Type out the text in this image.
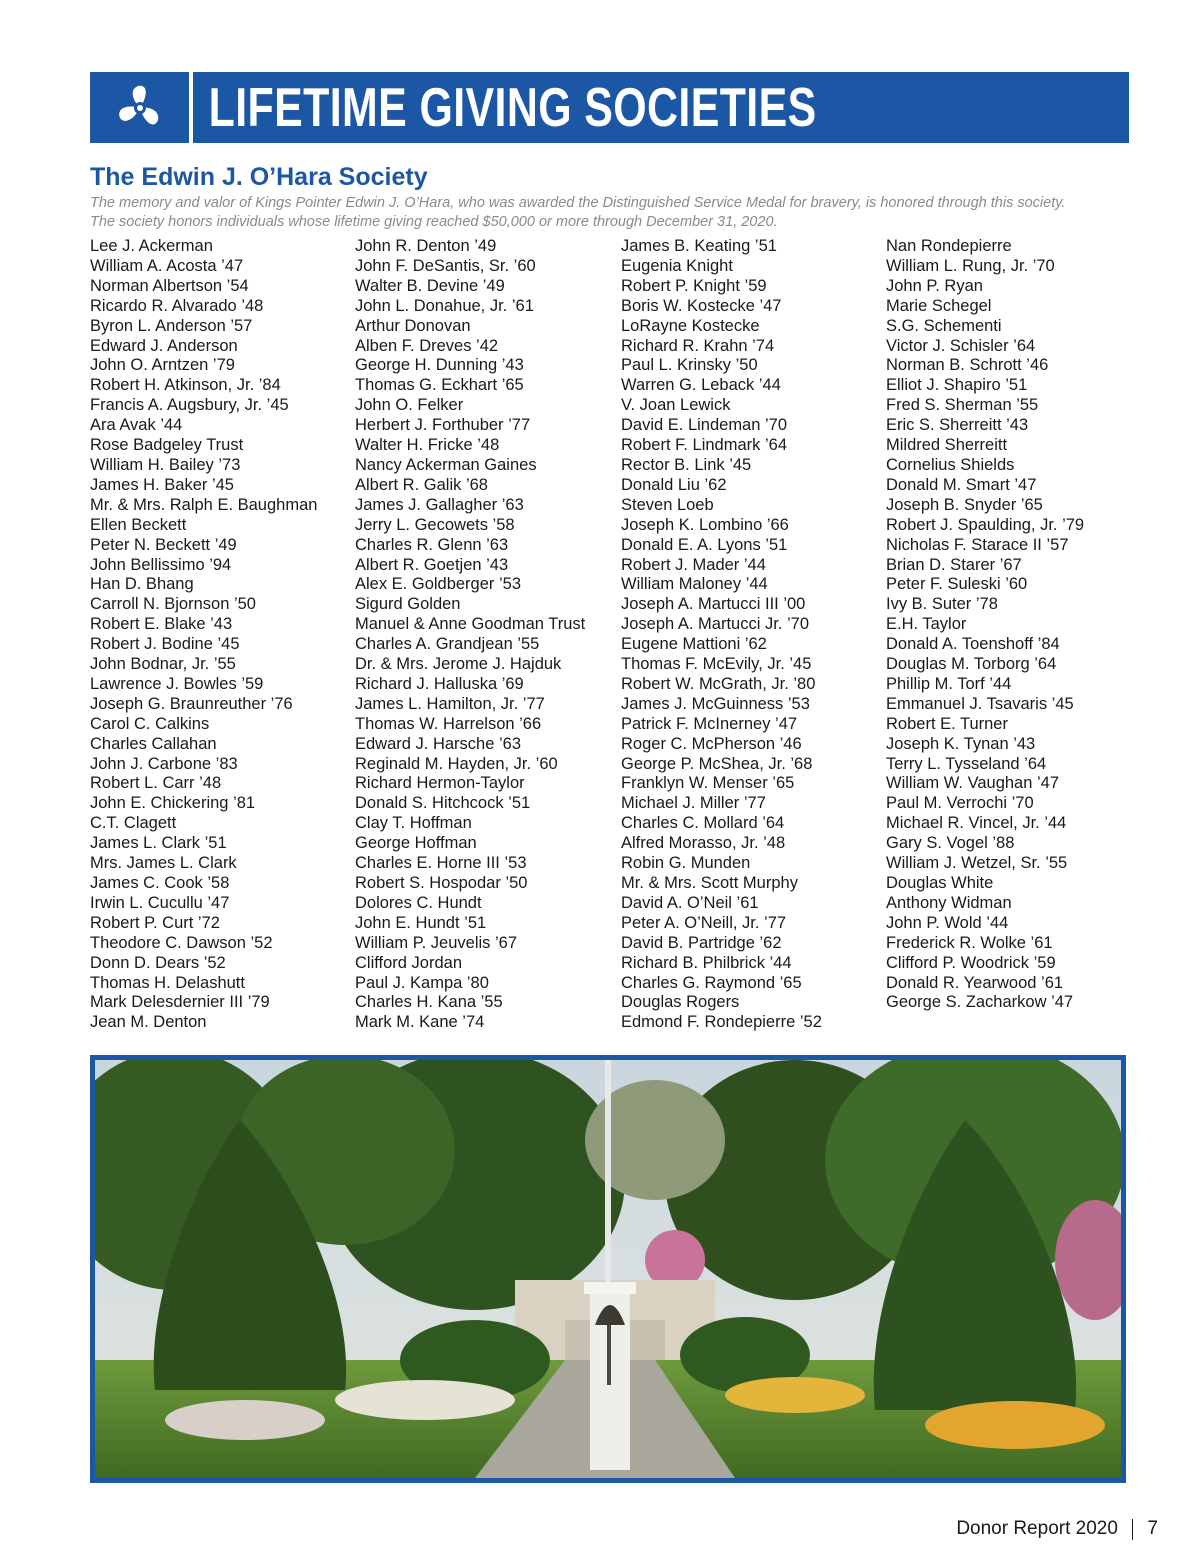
LIFETIME GIVING SOCIETIES
The Edwin J. O’Hara Society
The memory and valor of Kings Pointer Edwin J. O’Hara, who was awarded the Distinguished Service Medal for bravery, is honored through this society.
The society honors individuals whose lifetime giving reached $50,000 or more through December 31, 2020.
Lee J. Ackerman
William A. Acosta ’47
Norman Albertson ’54
Ricardo R. Alvarado ’48
Byron L. Anderson ’57
Edward J. Anderson
John O. Arntzen ’79
Robert H. Atkinson, Jr. ’84
Francis A. Augsbury, Jr. ’45
Ara Avak ’44
Rose Badgeley Trust
William H. Bailey ’73
James H. Baker ’45
Mr. & Mrs. Ralph E. Baughman
Ellen Beckett
Peter N. Beckett ’49
John Bellissimo ’94
Han D. Bhang
Carroll N. Bjornson ’50
Robert E. Blake ’43
Robert J. Bodine ’45
John Bodnar, Jr. ’55
Lawrence J. Bowles ’59
Joseph G. Braunreuther ’76
Carol C. Calkins
Charles Callahan
John J. Carbone ’83
Robert L. Carr ’48
John E. Chickering ’81
C.T. Clagett
James L. Clark ’51
Mrs. James L. Clark
James C. Cook ’58
Irwin L. Cucullu ’47
Robert P. Curt ’72
Theodore C. Dawson ’52
Donn D. Dears ’52
Thomas H. Delashutt
Mark Delesdernier III ’79
Jean M. Denton
John R. Denton ’49
John F. DeSantis, Sr. ’60
Walter B. Devine ’49
John L. Donahue, Jr. ’61
Arthur Donovan
Alben F. Dreves ’42
George H. Dunning ’43
Thomas G. Eckhart ’65
John O. Felker
Herbert J. Forthuber ’77
Walter H. Fricke ’48
Nancy Ackerman Gaines
Albert R. Galik ’68
James J. Gallagher ’63
Jerry L. Gecowets ’58
Charles R. Glenn ’63
Albert R. Goetjen ’43
Alex E. Goldberger ’53
Sigurd Golden
Manuel & Anne Goodman Trust
Charles A. Grandjean ’55
Dr. & Mrs. Jerome J. Hajduk
Richard J. Halluska ’69
James L. Hamilton, Jr. ’77
Thomas W. Harrelson ’66
Edward J. Harsche ’63
Reginald M. Hayden, Jr. ’60
Richard Hermon-Taylor
Donald S. Hitchcock ’51
Clay T. Hoffman
George Hoffman
Charles E. Horne III ’53
Robert S. Hospodar ’50
Dolores C. Hundt
John E. Hundt ’51
William P. Jeuvelis ’67
Clifford Jordan
Paul J. Kampa ’80
Charles H. Kana ’55
Mark M. Kane ’74
James B. Keating ’51
Eugenia Knight
Robert P. Knight ’59
Boris W. Kostecke ’47
LoRayne Kostecke
Richard R. Krahn ’74
Paul L. Krinsky ’50
Warren G. Leback ’44
V. Joan Lewick
David E. Lindeman ’70
Robert F. Lindmark ’64
Rector B. Link ’45
Donald Liu ’62
Steven Loeb
Joseph K. Lombino ’66
Donald E. A. Lyons ’51
Robert J. Mader ’44
William Maloney ’44
Joseph A. Martucci III ’00
Joseph A. Martucci Jr. ’70
Eugene Mattioni ’62
Thomas F. McEvily, Jr. ’45
Robert W. McGrath, Jr. ’80
James J. McGuinness ’53
Patrick F. McInerney ’47
Roger C. McPherson ’46
George P. McShea, Jr. ’68
Franklyn W. Menser ’65
Michael J. Miller ’77
Charles C. Mollard ’64
Alfred Morasso, Jr. ’48
Robin G. Munden
Mr. & Mrs. Scott Murphy
David A. O’Neil ’61
Peter A. O’Neill, Jr. ’77
David B. Partridge ’62
Richard B. Philbrick ’44
Charles G. Raymond ’65
Douglas Rogers
Edmond F. Rondepierre ’52
Nan Rondepierre
William L. Rung, Jr. ’70
John P. Ryan
Marie Schegel
S.G. Schementi
Victor J. Schisler ’64
Norman B. Schrott ’46
Elliot J. Shapiro ’51
Fred S. Sherman ’55
Eric S. Sherreitt ’43
Mildred Sherreitt
Cornelius Shields
Donald M. Smart ’47
Joseph B. Snyder ’65
Robert J. Spaulding, Jr. ’79
Nicholas F. Starace II ’57
Brian D. Starer ’67
Peter F. Suleski ’60
Ivy B. Suter ’78
E.H. Taylor
Donald A. Toenshoff ’84
Douglas M. Torborg ’64
Phillip M. Torf ’44
Emmanuel J. Tsavaris ’45
Robert E. Turner
Joseph K. Tynan ’43
Terry L. Tysseland ’64
William W. Vaughan ’47
Paul M. Verrochi ’70
Michael R. Vincel, Jr. ’44
Gary S. Vogel ’88
William J. Wetzel, Sr. ’55
Douglas White
Anthony Widman
John P. Wold ’44
Frederick R. Wolke ’61
Clifford P. Woodrick ’59
Donald R. Yearwood ’61
George S. Zacharkow ’47
Donor Report 2020 7
